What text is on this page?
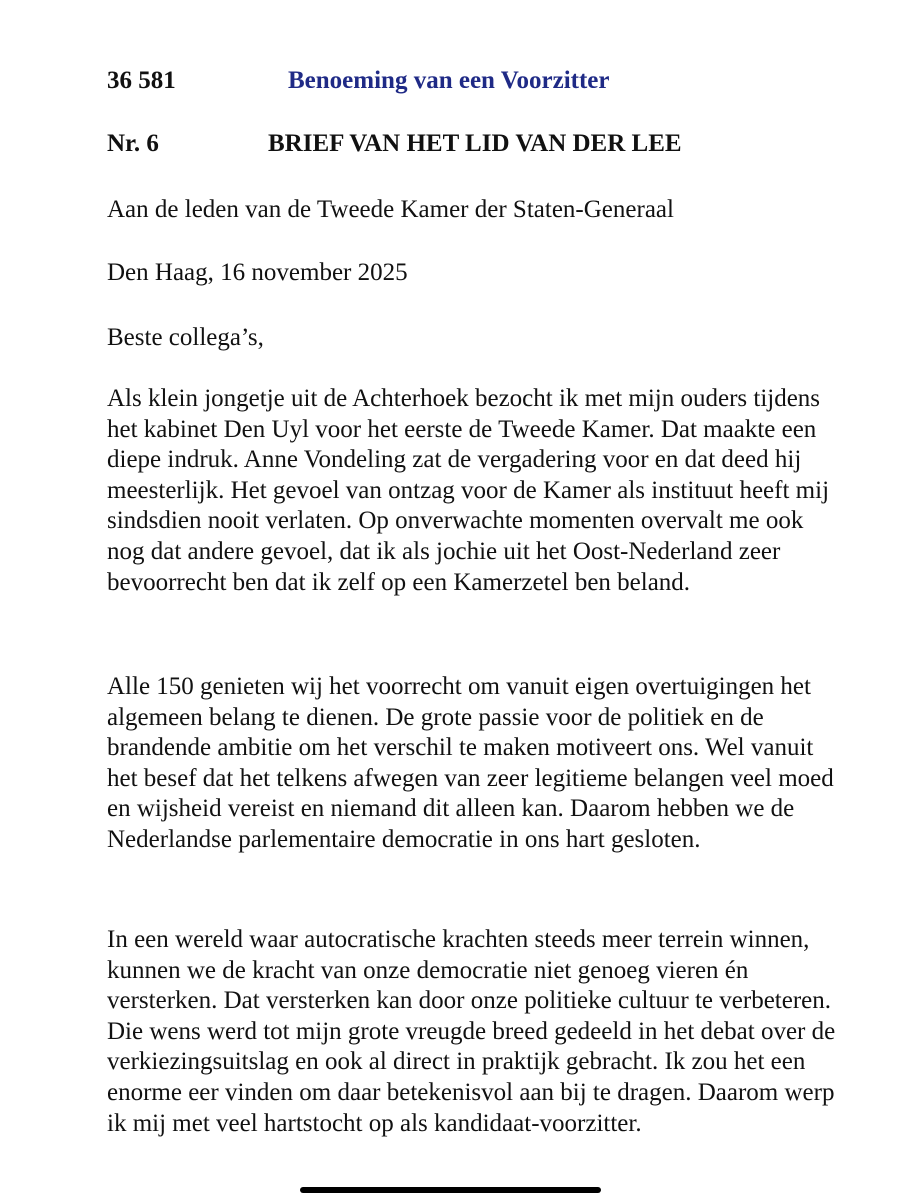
36 581	Benoeming van een Voorzitter
Nr. 6	BRIEF VAN HET LID VAN DER LEE
Aan de leden van de Tweede Kamer der Staten-Generaal
Den Haag, 16 november 2025
Beste collega’s,

Als klein jongetje uit de Achterhoek bezocht ik met mijn ouders tijdens het kabinet Den Uyl voor het eerste de Tweede Kamer. Dat maakte een diepe indruk. Anne Vondeling zat de vergadering voor en dat deed hij meesterlijk. Het gevoel van ontzag voor de Kamer als instituut heeft mij sindsdien nooit verlaten. Op onverwachte momenten overvalt me ook nog dat andere gevoel, dat ik als jochie uit het Oost-Nederland zeer bevoorrecht ben dat ik zelf op een Kamerzetel ben beland.

Alle 150 genieten wij het voorrecht om vanuit eigen overtuigingen het algemeen belang te dienen. De grote passie voor de politiek en de brandende ambitie om het verschil te maken motiveert ons. Wel vanuit het besef dat het telkens afwegen van zeer legitieme belangen veel moed en wijsheid vereist en niemand dit alleen kan. Daarom hebben we de Nederlandse parlementaire democratie in ons hart gesloten.

In een wereld waar autocratische krachten steeds meer terrein winnen, kunnen we de kracht van onze democratie niet genoeg vieren én versterken. Dat versterken kan door onze politieke cultuur te verbeteren. Die wens werd tot mijn grote vreugde breed gedeeld in het debat over de verkiezingsuitslag en ook al direct in praktijk gebracht. Ik zou het een enorme eer vinden om daar betekenisvol aan bij te dragen. Daarom werp ik mij met veel hartstocht op als kandidaat-voorzitter.
